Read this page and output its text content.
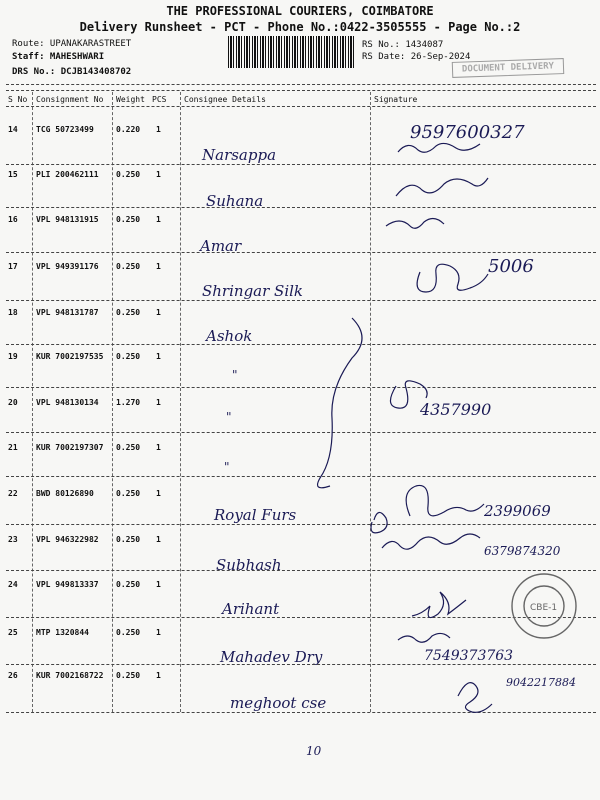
THE PROFESSIONAL COURIERS, COIMBATORE
Delivery Runsheet - PCT - Phone No.:0422-3505555 - Page No.:2
Route: UPANAKARASTREET
Staff: MAHESHWARI
DRS No.: DCJB143408702
RS No.: 1434087
RS Date: 26-Sep-2024
DOCUMENT DELIVERY
S No Consignment No Weight PCS Consignee Details	Signature
14 TCG 50723499	0.220 1
Narsappa
9597600327
15 PLI 200462111 0.250 1
Suhana
16 VPL 948131915 0.250 1
Amar
17 VPL 949391176 0.250 1
Shringar Silk
5006
18 VPL 948131787 0.250 1
Ashok
19 KUR 7002197535 0.250 1
"
20 VPL 948130134 1.270 1
"	4357990
21 KUR 7002197307 0.250 1
"
22 BWD 80126890	0.250 1
Royal Furs	2399069
23 VPL 946322982 0.250 1
Subhash
6379874320
24 VPL 949813337 0.250 1
Arihant
25 MTP 1320844	0.250 1
Mahadev Dry	7549373763
26 KUR 7002168722 0.250 1
meghoot cse
9042217884
10
CBE-1
